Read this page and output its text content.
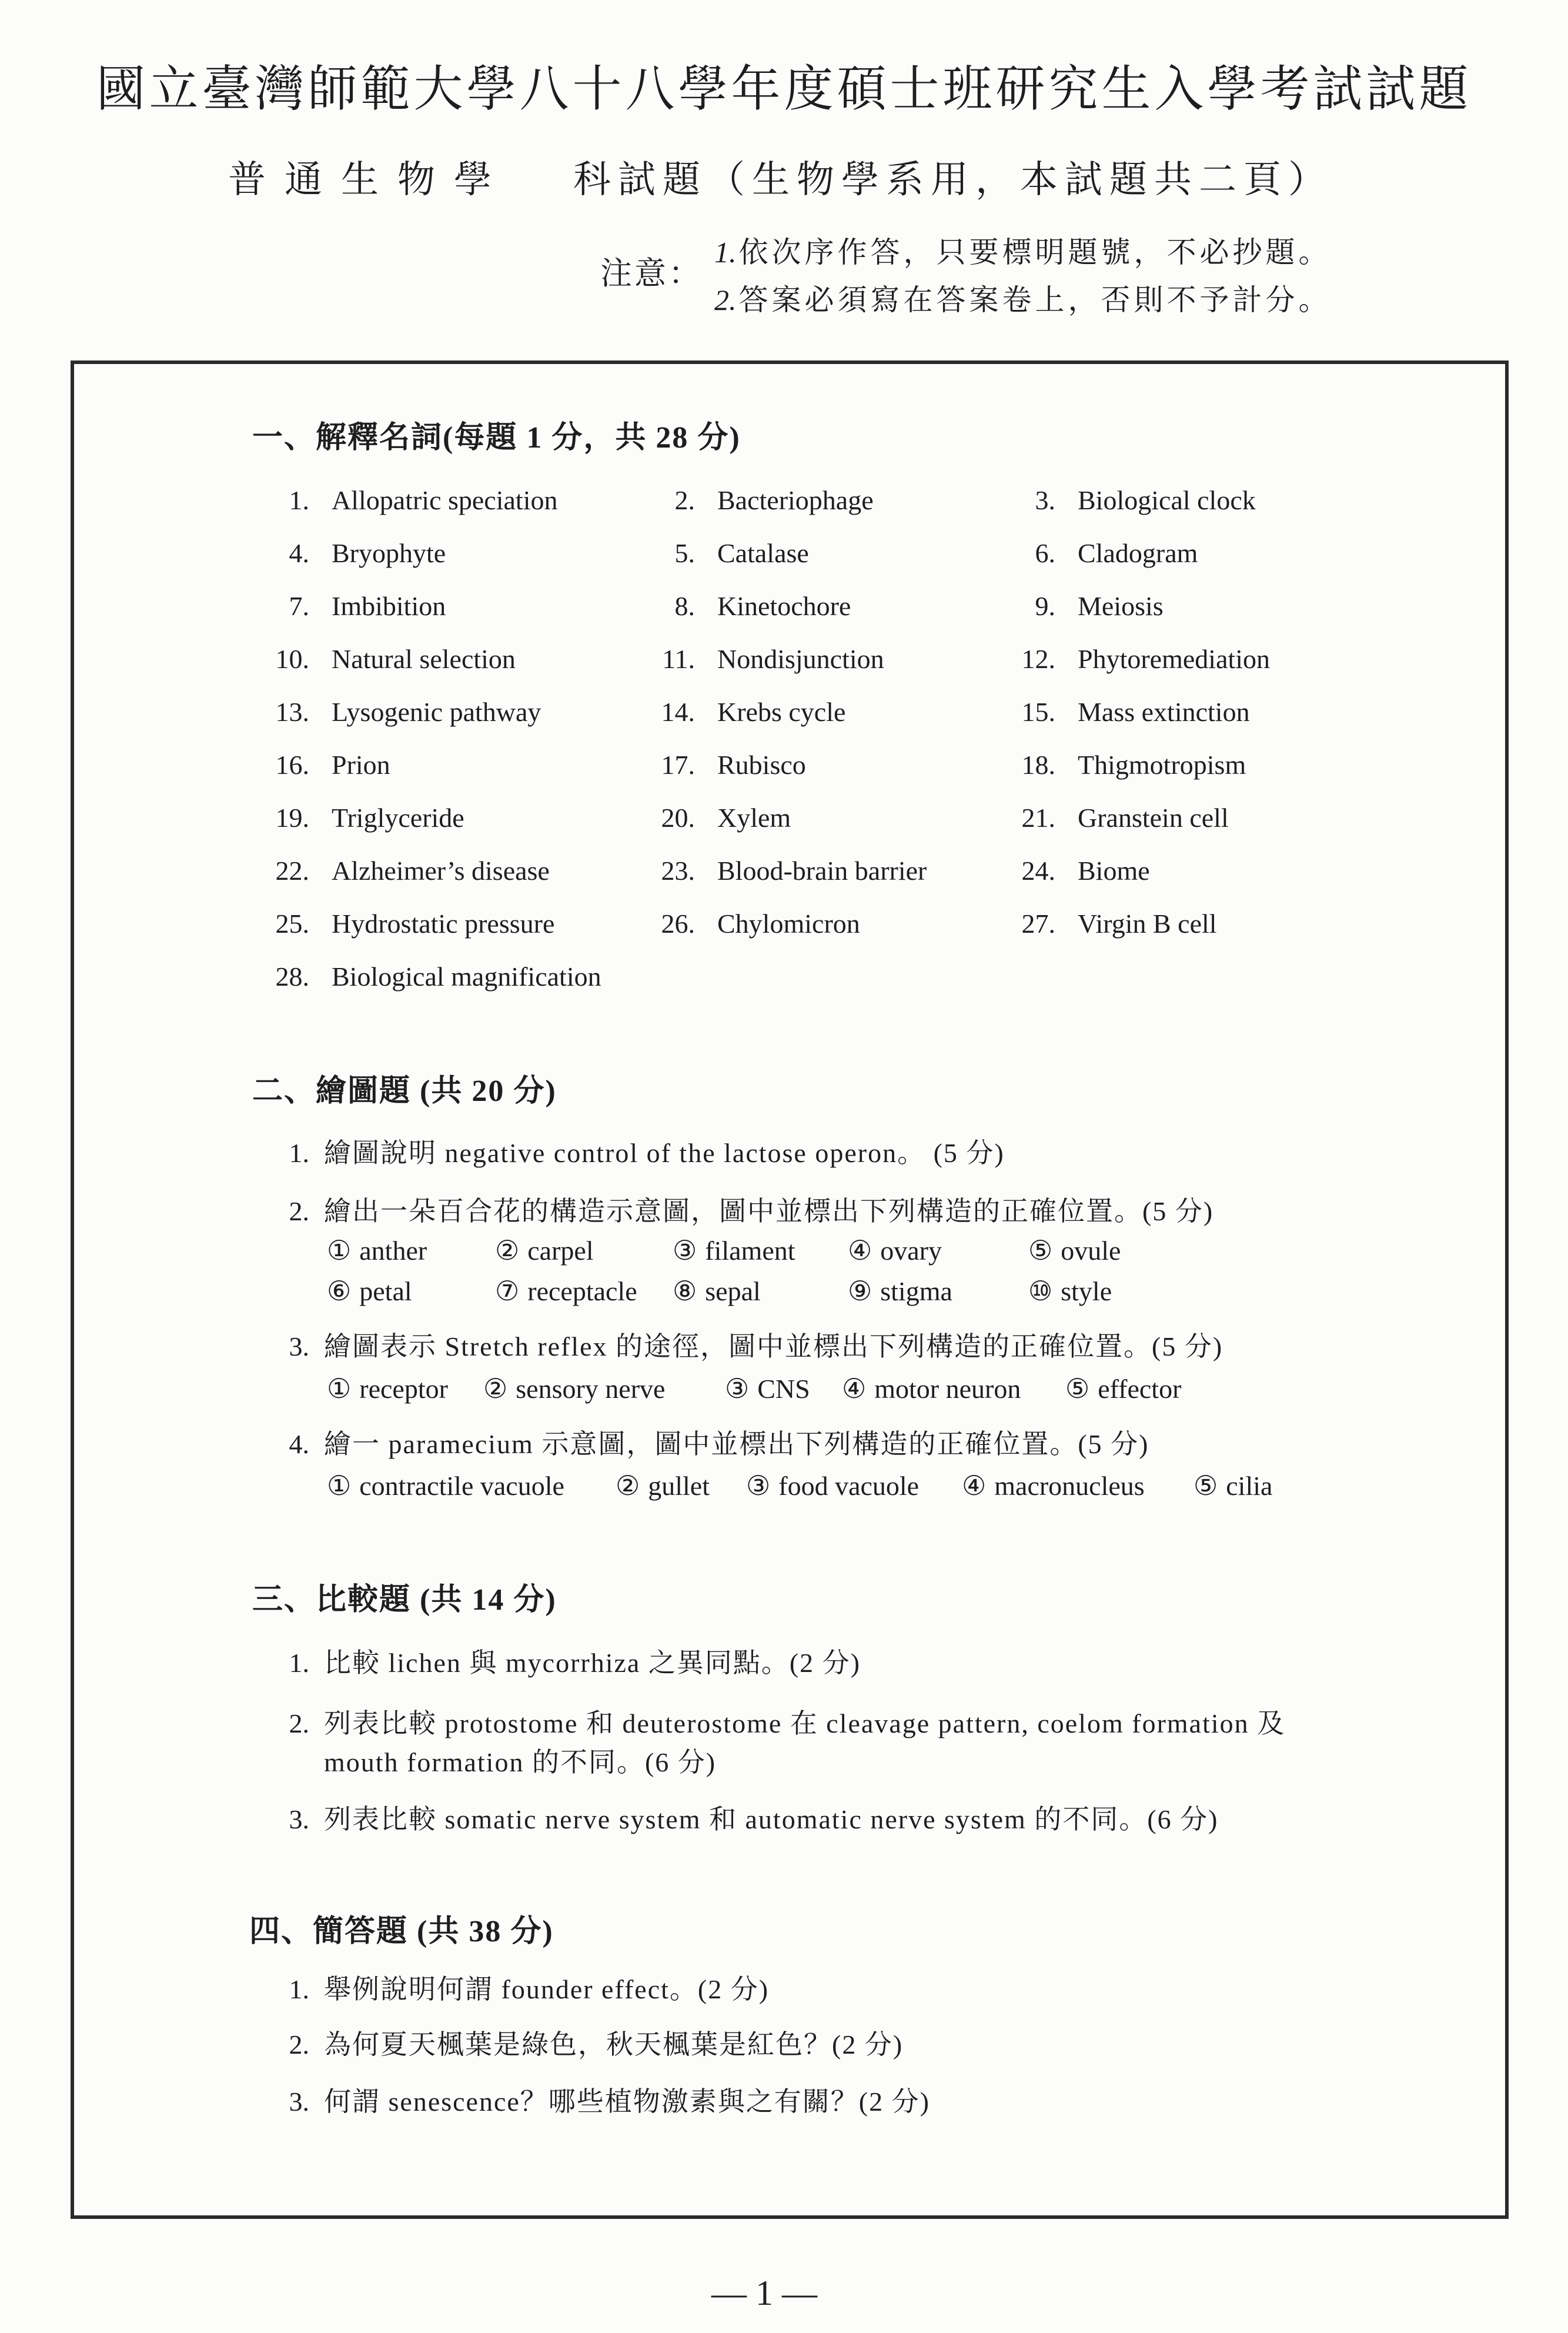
國立臺灣師範大學八十八學年度碩士班研究生入學考試試題
普 通 生 物 學 科試題（生物學系用，本試題共二頁）
注意：
1.依次序作答，只要標明題號，不必抄題。
2.答案必須寫在答案卷上，否則不予計分。
一、解釋名詞(每題 1 分，共 28 分)
1. Allopatric speciation	2. Bacteriophage	3. Biological clock
4. Bryophyte	5. Catalase	6. Cladogram
7. Imbibition	8. Kinetochore	9. Meiosis
10. Natural selection	11. Nondisjunction	12. Phytoremediation
13. Lysogenic pathway	14. Krebs cycle	15. Mass extinction
16. Prion	17. Rubisco	18. Thigmotropism
19. Triglyceride	20. Xylem	21. Granstein cell
22. Alzheimer’s disease	23. Blood-brain barrier	24. Biome
25. Hydrostatic pressure	26. Chylomicron	27. Virgin B cell
28. Biological magnification
二、繪圖題 (共 20 分)
1. 繪圖說明 negative control of the lactose operon。 (5 分)
2. 繪出一朵百合花的構造示意圖，圖中並標出下列構造的正確位置。(5 分)
① anther	② carpel	③ filament ④ ovary	⑤ ovule
⑥ petal	⑦ receptacle ⑧ sepal	⑨ stigma	⑩ style
3. 繪圖表示 Stretch reflex 的途徑，圖中並標出下列構造的正確位置。(5 分)
① receptor ② sensory nerve ③ CNS ④ motor neuron ⑤ effector
4. 繪一 paramecium 示意圖，圖中並標出下列構造的正確位置。(5 分)
① contractile vacuole ② gullet ③ food vacuole ④ macronucleus ⑤ cilia
三、比較題 (共 14 分)
1. 比較 lichen 與 mycorrhiza 之異同點。(2 分)
2. 列表比較 protostome 和 deuterostome 在 cleavage pattern, coelom formation 及
mouth formation 的不同。(6 分)
3. 列表比較 somatic nerve system 和 automatic nerve system 的不同。(6 分)
四、簡答題 (共 38 分)
1. 舉例說明何謂 founder effect。(2 分)
2. 為何夏天楓葉是綠色，秋天楓葉是紅色？(2 分)
3. 何謂 senescence？哪些植物激素與之有關？(2 分)
— 1 —
